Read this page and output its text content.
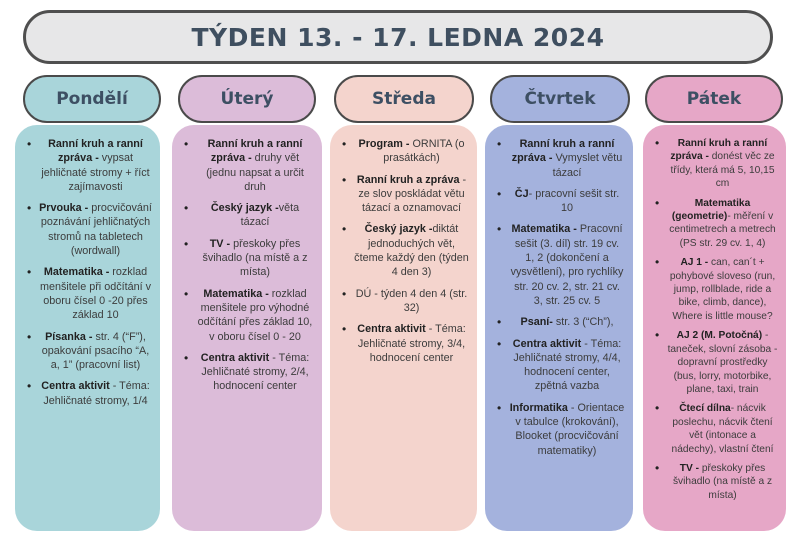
TÝDEN 13. - 17. LEDNA 2024
Pondělí	Úterý	Středa	Čtvrtek	Pátek
• Ranní kruh a ranní zpráva - vypsat jehličnaté stromy + říct zajímavosti
• Prvouka - procvičování poznávání jehličnatých stromů na tabletech (wordwall)
• Matematika - rozklad menšitele při odčítání v oboru čísel 0 -20 přes základ 10
• Písanka - str. 4 (“F”), opakování psacího “A, a, 1” (pracovní list)
• Centra aktivit - Téma: Jehličnaté stromy, 1/4
• Ranní kruh a ranní zpráva - druhy vět (jednu napsat a určit druh
• Český jazyk -věta tázací
• TV - přeskoky přes švihadlo (na místě a z místa)
• Matematika - rozklad menšitele pro výhodné odčítání přes základ 10, v oboru čísel 0 - 20
• Centra aktivit - Téma: Jehličnaté stromy, 2/4, hodnocení center
• Program - ORNITA (o prasátkách)
• Ranní kruh a zpráva - ze slov poskládat větu tázací a oznamovací
• Český jazyk -diktát jednoduchých vět, čteme každý den (týden 4 den 3)
• DÚ - týden 4 den 4 (str. 32)
• Centra aktivit - Téma: Jehličnaté stromy, 3/4, hodnocení center
• Ranní kruh a ranní zpráva - Vymyslet větu tázací
• ČJ- pracovní sešit str. 10
• Matematika - Pracovní sešit (3. díl) str. 19 cv. 1, 2 (dokončení a vysvětlení), pro rychlíky str. 20 cv. 2, str. 21 cv. 3, str. 25 cv. 5
• Psaní- str. 3 (“Ch”),
• Centra aktivit - Téma: Jehličnaté stromy, 4/4, hodnocení center, zpětná vazba
• Informatika - Orientace v tabulce (krokování), Blooket (procvičování matematiky)
• Ranní kruh a ranní zpráva - donést věc ze třídy, která má 5, 10,15 cm
• Matematika (geometrie)- měření v centimetrech a metrech (PS str. 29 cv. 1, 4)
• AJ 1 - can, can´t + pohybové sloveso (run, jump, rollblade, ride a bike, climb, dance), Where is little mouse?
• AJ 2 (M. Potočná) - taneček, slovní zásoba - dopravní prostředky (bus, lorry, motorbike, plane, taxi, train
• Čtecí dílna- nácvik poslechu, nácvik čtení vět (intonace a nádechy), vlastní čtení
• TV - přeskoky přes švihadlo (na místě a z místa)
